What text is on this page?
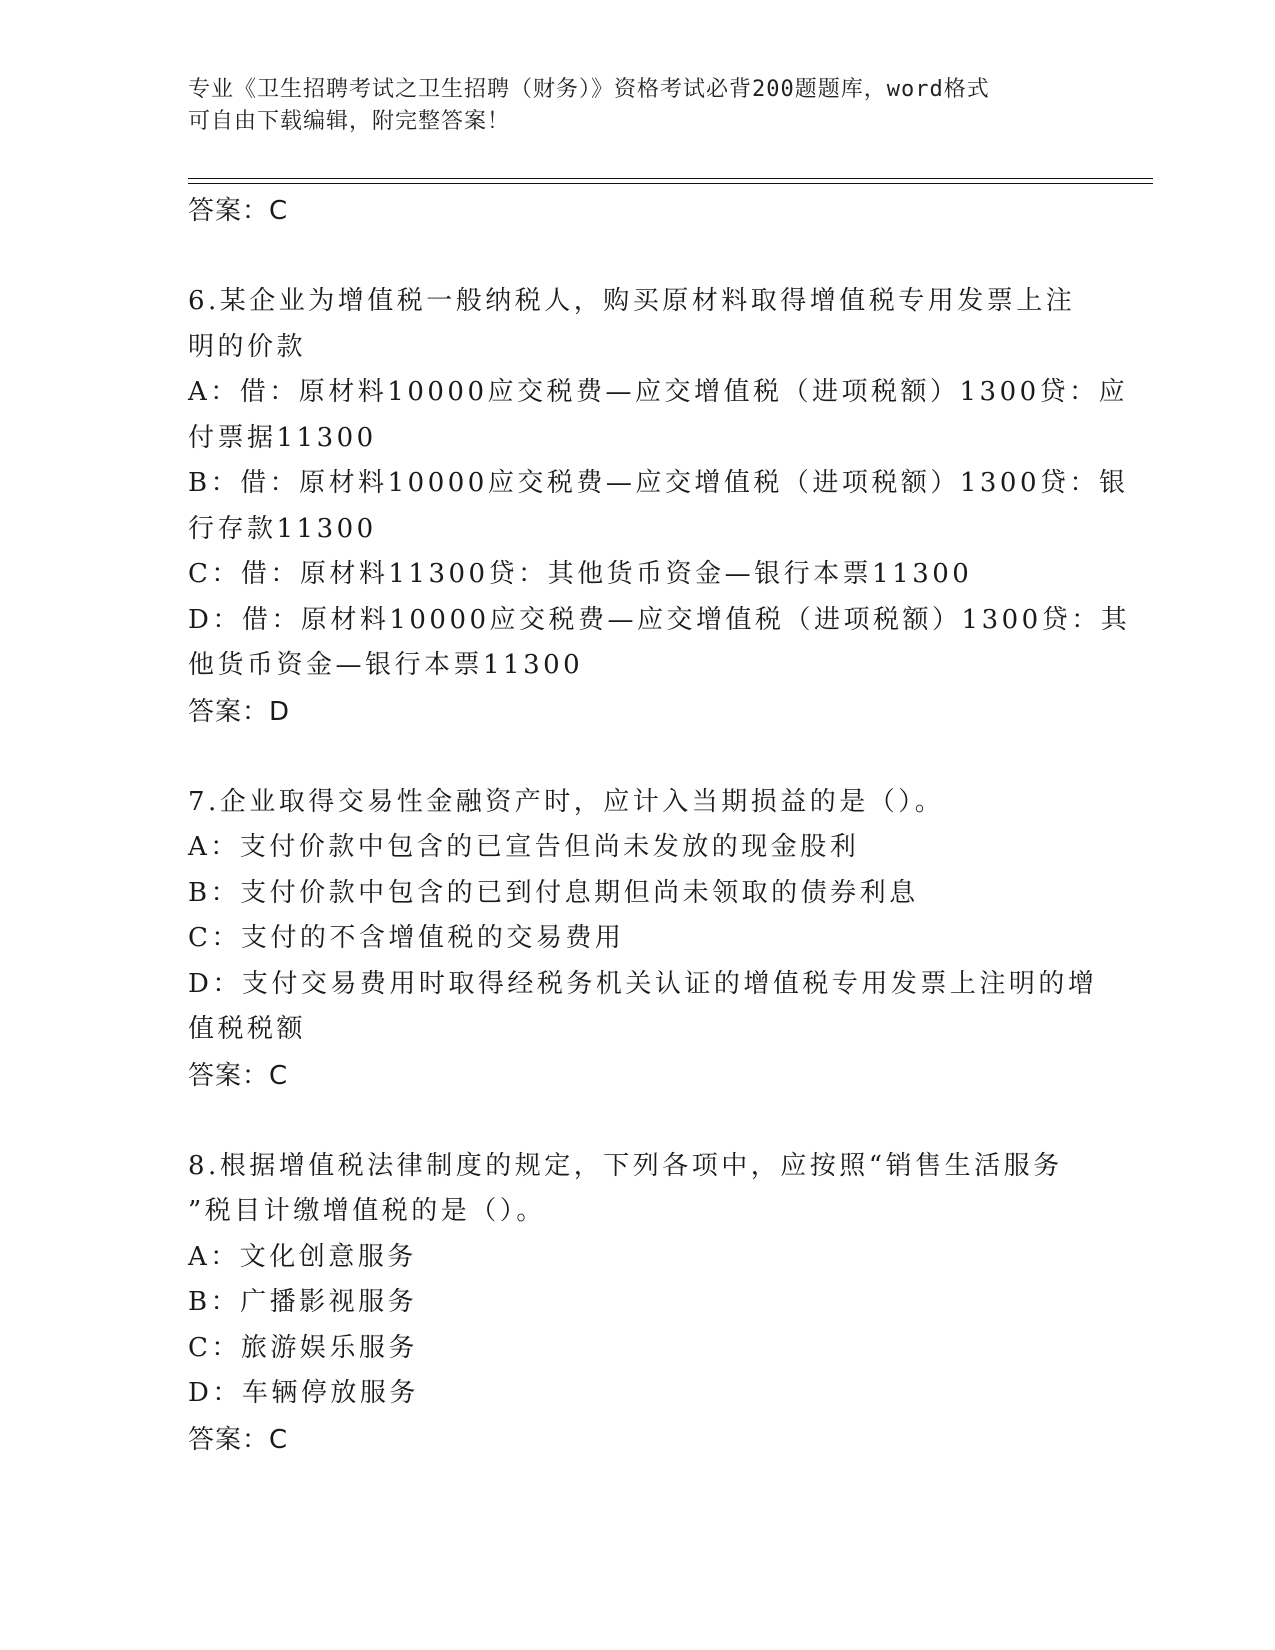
专业《卫生招聘考试之卫生招聘（财务）》资格考试必背200题题库，word格式
可自由下载编辑，附完整答案！
答案：C
6.某企业为增值税一般纳税人，购买原材料取得增值税专用发票上注
明的价款
A：借：原材料10000应交税费—应交增值税（进项税额）1300贷：应
付票据11300
B：借：原材料10000应交税费—应交增值税（进项税额）1300贷：银
行存款11300
C：借：原材料11300贷：其他货币资金—银行本票11300
D：借：原材料10000应交税费—应交增值税（进项税额）1300贷：其
他货币资金—银行本票11300
答案：D
7.企业取得交易性金融资产时，应计入当期损益的是（）。
A：支付价款中包含的已宣告但尚未发放的现金股利
B：支付价款中包含的已到付息期但尚未领取的债券利息
C：支付的不含增值税的交易费用
D：支付交易费用时取得经税务机关认证的增值税专用发票上注明的增
值税税额
答案：C
8.根据增值税法律制度的规定，下列各项中，应按照“销售生活服务
”税目计缴增值税的是（）。
A：文化创意服务
B：广播影视服务
C：旅游娱乐服务
D：车辆停放服务
答案：C
